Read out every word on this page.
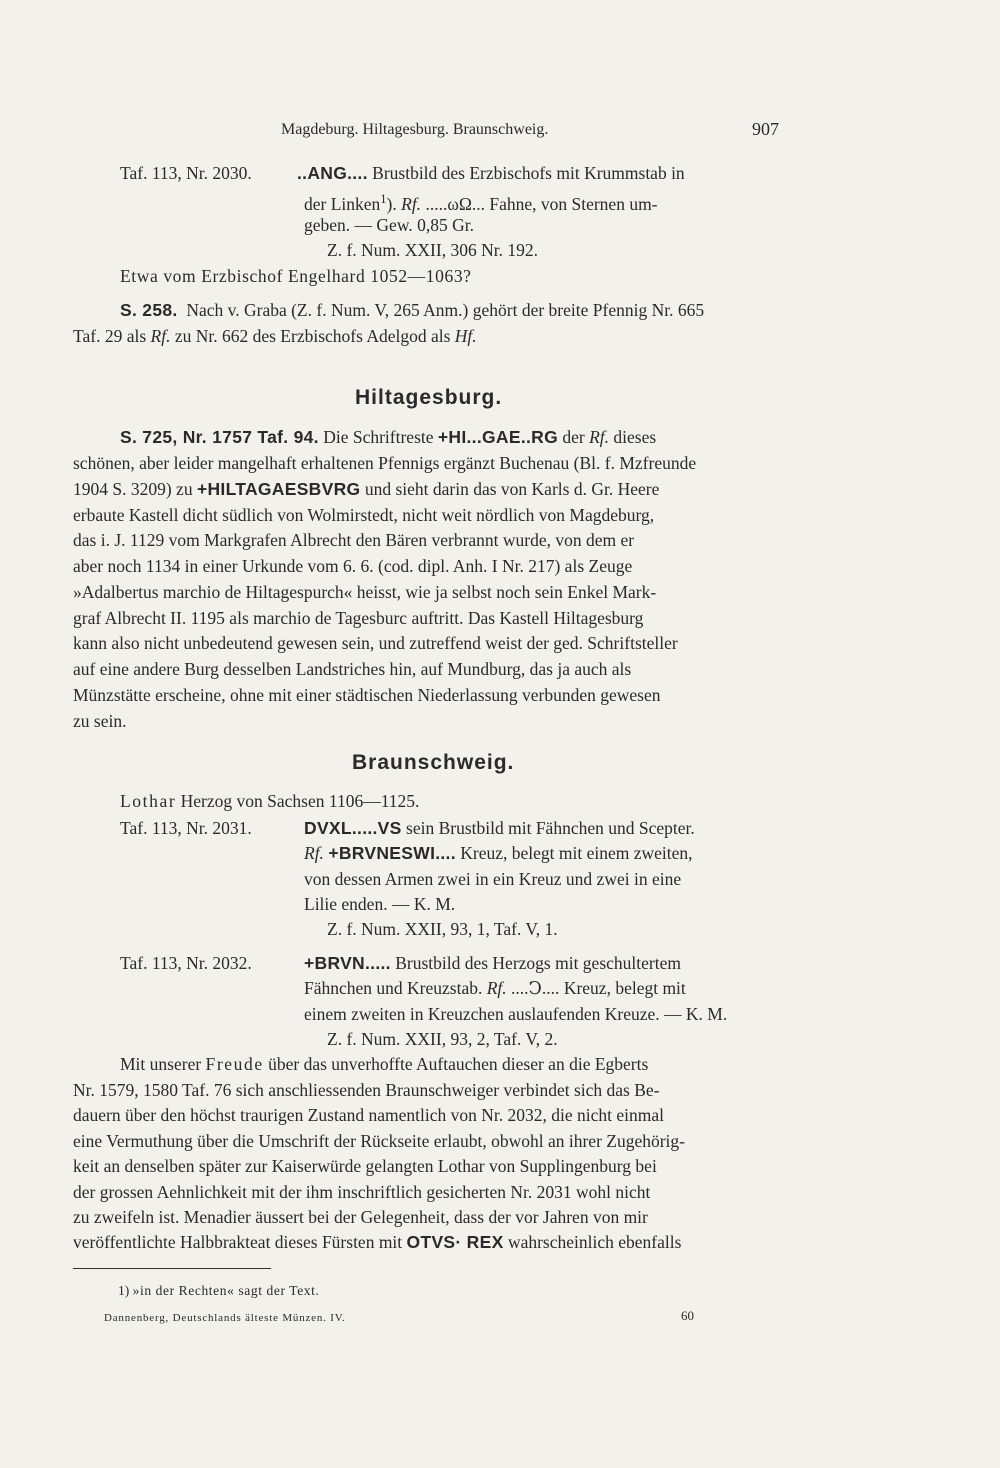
Magdeburg. Hiltagesburg. Braunschweig.	907
Taf. 113, Nr. 2030.	..ANG.... Brustbild des Erzbischofs mit Krummstab in
der Linken$^1$). Rf. .....ωΩ... Fahne, von Sternen um-
geben. — Gew. 0,85 Gr.
Z. f. Num. XXII, 306 Nr. 192.
Etwa vom Erzbischof Engelhard 1052—1063?
S. 258. Nach v. Graba (Z. f. Num. V, 265 Anm.) gehört der breite Pfennig Nr. 665
Taf. 29 als Rf. zu Nr. 662 des Erzbischofs Adelgod als Hf.
Hiltagesburg.
S. 725, Nr. 1757 Taf. 94. Die Schriftreste +HI...GAE..RG der Rf. dieses
schönen, aber leider mangelhaft erhaltenen Pfennigs ergänzt Buchenau (Bl. f. Mzfreunde
1904 S. 3209) zu +HILTAGAESBVRG und sieht darin das von Karls d. Gr. Heere
erbaute Kastell dicht südlich von Wolmirstedt, nicht weit nördlich von Magdeburg,
das i. J. 1129 vom Markgrafen Albrecht den Bären verbrannt wurde, von dem er
aber noch 1134 in einer Urkunde vom 6. 6. (cod. dipl. Anh. I Nr. 217) als Zeuge
»Adalbertus marchio de Hiltagespurch« heisst, wie ja selbst noch sein Enkel Mark-
graf Albrecht II. 1195 als marchio de Tagesburc auftritt. Das Kastell Hiltagesburg
kann also nicht unbedeutend gewesen sein, und zutreffend weist der ged. Schriftsteller
auf eine andere Burg desselben Landstriches hin, auf Mundburg, das ja auch als
Münzstätte erscheine, ohne mit einer städtischen Niederlassung verbunden gewesen
zu sein.
Braunschweig.
Lothar Herzog von Sachsen 1106—1125.
Taf. 113, Nr. 2031.	DVXL.....VS sein Brustbild mit Fähnchen und Scepter.
Rf. +BRVNESWI.... Kreuz, belegt mit einem zweiten,
von dessen Armen zwei in ein Kreuz und zwei in eine
Lilie enden. — K. M.
Z. f. Num. XXII, 93, 1, Taf. V, 1.
Taf. 113, Nr. 2032.	+BRVN..... Brustbild des Herzogs mit geschultertem
Fähnchen und Kreuzstab. Rf. ....Ↄ.... Kreuz, belegt mit
einem zweiten in Kreuzchen auslaufenden Kreuze. — K. M.
Z. f. Num. XXII, 93, 2, Taf. V, 2.
Mit unserer Freude über das unverhoffte Auftauchen dieser an die Egberts
Nr. 1579, 1580 Taf. 76 sich anschliessenden Braunschweiger verbindet sich das Be-
dauern über den höchst traurigen Zustand namentlich von Nr. 2032, die nicht einmal
eine Vermuthung über die Umschrift der Rückseite erlaubt, obwohl an ihrer Zugehörig-
keit an denselben später zur Kaiserwürde gelangten Lothar von Supplingenburg bei
der grossen Aehnlichkeit mit der ihm inschriftlich gesicherten Nr. 2031 wohl nicht
zu zweifeln ist. Menadier äussert bei der Gelegenheit, dass der vor Jahren von mir
veröffentlichte Halbbrakteat dieses Fürsten mit OTVS· REX wahrscheinlich ebenfalls
1) »in der Rechten« sagt der Text.
Dannenberg, Deutschlands älteste Münzen. IV.	60
